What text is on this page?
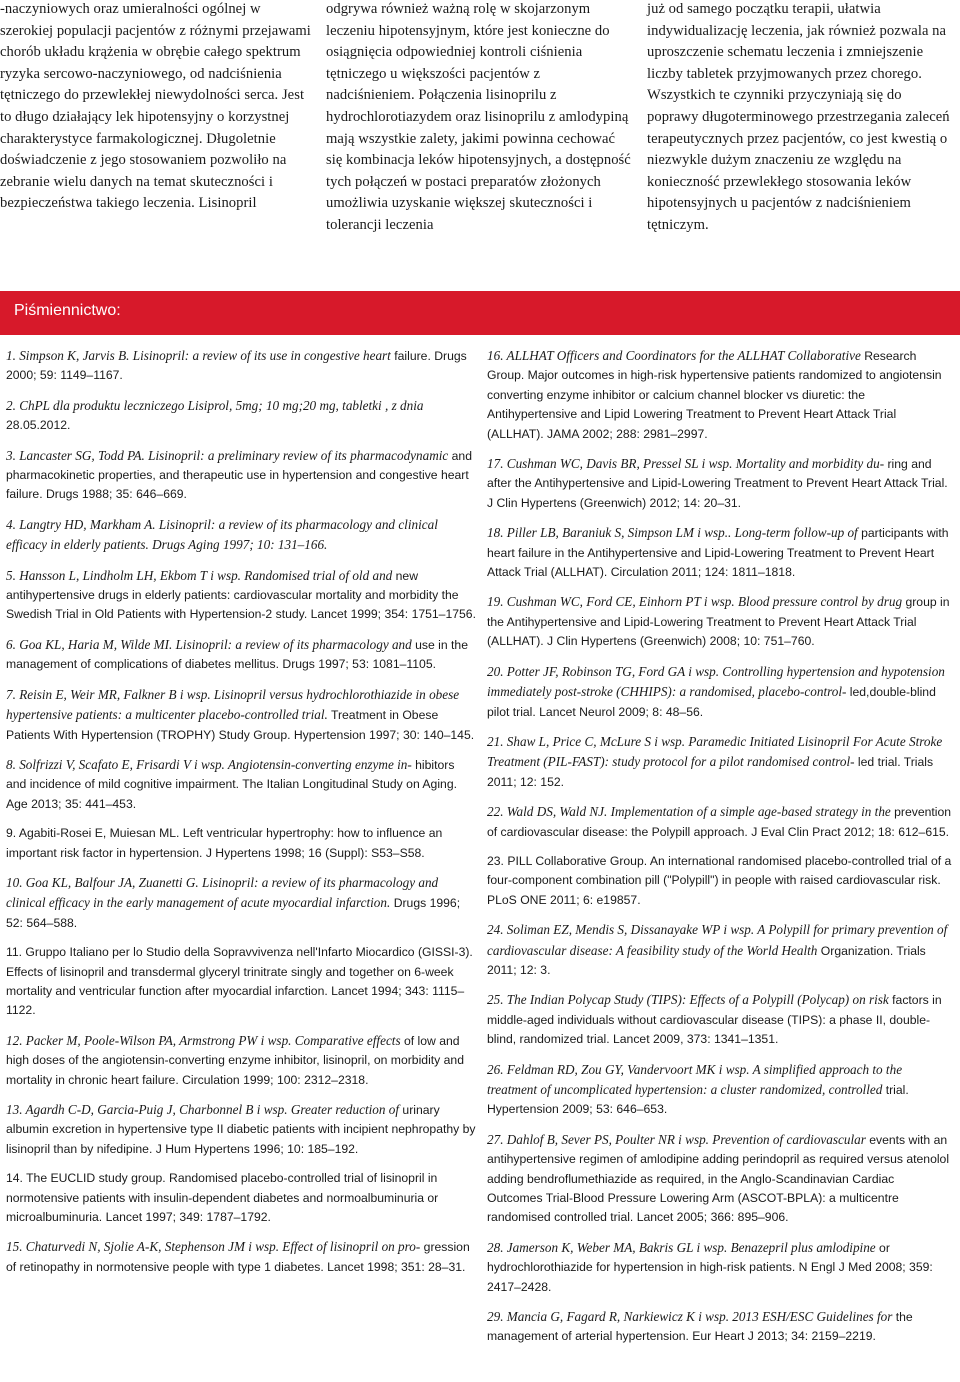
-naczyniowych oraz umieralności ogólnej w szerokiej populacji pacjentów z różnymi przejawami chorób układu krążenia w obrębie całego spektrum ryzyka sercowo-naczyniowego, od nadciśnienia tętniczego do przewlekłej niewydolności serca. Jest to długo działający lek hipotensyjny o korzystnej charakterystyce farmakologicznej. Długoletnie doświadczenie z jego stosowaniem pozwoliło na zebranie wielu danych na temat skuteczności i bezpieczeństwa takiego leczenia. Lisinopril

odgrywa również ważną rolę w skojarzonym leczeniu hipotensyjnym, które jest konieczne do osiągnięcia odpowiedniej kontroli ciśnienia tętniczego u większości pacjentów z nadciśnieniem. Połączenia lisinoprilu z hydrochlorotiazydem oraz lisinoprilu z amlodypiną mają wszystkie zalety, jakimi powinna cechować się kombinacja leków hipotensyjnych, a dostępność tych połączeń w postaci preparatów złożonych umożliwia uzyskanie większej skuteczności i tolerancji leczenia

już od samego początku terapii, ułatwia indywidualizację leczenia, jak również pozwala na uproszczenie schematu leczenia i zmniejszenie liczby tabletek przyjmowanych przez chorego. Wszystkich te czynniki przyczyniają się do poprawy długoterminowego przestrzegania zaleceń terapeutycznych przez pacjentów, co jest kwestią o niezwykle dużym znaczeniu ze względu na konieczność przewlekłego stosowania leków hipotensyjnych u pacjentów z nadciśnieniem tętniczym.

Piśmiennictwo:

1. Simpson K, Jarvis B. Lisinopril: a review of its use in congestive heart failure. Drugs 2000; 59: 1149‒1167.

2. ChPL dla produktu leczniczego Lisiprol, 5mg; 10 mg;20 mg, tabletki , z dnia 28.05.2012.

3. Lancaster SG, Todd PA. Lisinopril: a preliminary review of its pharmacodynamic and pharmacokinetic properties, and therapeutic use in hypertension and congestive heart failure. Drugs 1988; 35: 646‒669.

4. Langtry HD, Markham A. Lisinopril: a review of its pharmacology and clinical efficacy in elderly patients. Drugs Aging 1997; 10: 131‒166.

5. Hansson L, Lindholm LH, Ekbom T i wsp. Randomised trial of old and new antihypertensive drugs in elderly patients: cardiovascular mortality and morbidity the Swedish Trial in Old Patients with Hypertension-2 study. Lancet 1999; 354: 1751‒1756.

6. Goa KL, Haria M, Wilde MI. Lisinopril: a review of its pharmacology and use in the management of complications of diabetes mellitus. Drugs 1997; 53: 1081‒1105.

7. Reisin E, Weir MR, Falkner B i wsp. Lisinopril versus hydrochlorothiazide in obese hypertensive patients: a multicenter placebo-controlled trial. Treatment in Obese Patients With Hypertension (TROPHY) Study Group. Hypertension 1997; 30: 140‒145.

8. Solfrizzi V, Scafato E, Frisardi V i wsp. Angiotensin-converting enzyme in- hibitors and incidence of mild cognitive impairment. The Italian Longitudinal Study on Aging. Age 2013; 35: 441‒453.

9. Agabiti-Rosei E, Muiesan ML. Left ventricular hypertrophy: how to influence an important risk factor in hypertension. J Hypertens 1998; 16 (Suppl): S53‒S58.

10. Goa KL, Balfour JA, Zuanetti G. Lisinopril: a review of its pharmacology and clinical efficacy in the early management of acute myocardial infarction. Drugs 1996; 52: 564‒588.

11. Gruppo Italiano per lo Studio della Sopravvivenza nell'Infarto Miocardico (GISSI-3). Effects of lisinopril and transdermal glyceryl trinitrate singly and together on 6-week mortality and ventricular function after myocardial infarction. Lancet 1994; 343: 1115‒1122.

12. Packer M, Poole-Wilson PA, Armstrong PW i wsp. Comparative effects of low and high doses of the angiotensin-converting enzyme inhibitor, lisinopril, on morbidity and mortality in chronic heart failure. Circulation 1999; 100: 2312‒2318.

13. Agardh C-D, Garcia-Puig J, Charbonnel B i wsp. Greater reduction of urinary albumin excretion in hypertensive type II diabetic patients with incipient nephropathy by lisinopril than by nifedipine. J Hum Hypertens 1996; 10: 185‒192.

14. The EUCLID study group. Randomised placebo-controlled trial of lisinopril in normotensive patients with insulin-dependent diabetes and normoalbuminuria or microalbuminuria. Lancet 1997; 349: 1787‒1792.

15. Chaturvedi N, Sjolie A-K, Stephenson JM i wsp. Effect of lisinopril on pro- gression of retinopathy in normotensive people with type 1 diabetes. Lancet 1998; 351: 28‒31.

16. ALLHAT Officers and Coordinators for the ALLHAT Collaborative Research Group. Major outcomes in high-risk hypertensive patients randomized to angiotensin converting enzyme inhibitor or calcium channel blocker vs diuretic: the Antihypertensive and Lipid Lowering Treatment to Prevent Heart Attack Trial (ALLHAT). JAMA 2002; 288: 2981‒2997.

17. Cushman WC, Davis BR, Pressel SL i wsp. Mortality and morbidity du- ring and after the Antihypertensive and Lipid-Lowering Treatment to Prevent Heart Attack Trial. J Clin Hypertens (Greenwich) 2012; 14: 20‒31.

18. Piller LB, Baraniuk S, Simpson LM i wsp.. Long-term follow-up of participants with heart failure in the Antihypertensive and Lipid-Lowering Treatment to Prevent Heart Attack Trial (ALLHAT). Circulation 2011; 124: 1811‒1818.

19. Cushman WC, Ford CE, Einhorn PT i wsp. Blood pressure control by drug group in the Antihypertensive and Lipid-Lowering Treatment to Prevent Heart Attack Trial (ALLHAT). J Clin Hypertens (Greenwich) 2008; 10: 751‒760.

20. Potter JF, Robinson TG, Ford GA i wsp. Controlling hypertension and hypotension immediately post-stroke (CHHIPS): a randomised, placebo-control- led,double-blind pilot trial. Lancet Neurol 2009; 8: 48‒56.

21. Shaw L, Price C, McLure S i wsp. Paramedic Initiated Lisinopril For Acute Stroke Treatment (PIL-FAST): study protocol for a pilot randomised control- led trial. Trials 2011; 12: 152.

22. Wald DS, Wald NJ. Implementation of a simple age-based strategy in the prevention of cardiovascular disease: the Polypill approach. J Eval Clin Pract 2012; 18: 612‒615.

23. PILL Collaborative Group. An international randomised placebo-controlled trial of a four-component combination pill ("Polypill") in people with raised cardiovascular risk. PLoS ONE 2011; 6: e19857.

24. Soliman EZ, Mendis S, Dissanayake WP i wsp. A Polypill for primary prevention of cardiovascular disease: A feasibility study of the World Health Organization. Trials 2011; 12: 3.

25. The Indian Polycap Study (TIPS): Effects of a Polypill (Polycap) on risk factors in middle-aged individuals without cardiovascular disease (TIPS): a phase II, double-blind, randomized trial. Lancet 2009, 373: 1341‒1351.

26. Feldman RD, Zou GY, Vandervoort MK i wsp. A simplified approach to the treatment of uncomplicated hypertension: a cluster randomized, controlled trial. Hypertension 2009; 53: 646‒653.

27. Dahlof B, Sever PS, Poulter NR i wsp. Prevention of cardiovascular events with an antihypertensive regimen of amlodipine adding perindopril as required versus atenolol adding bendroflumethiazide as required, in the Anglo-Scandinavian Cardiac Outcomes Trial-Blood Pressure Lowering Arm (ASCOT-BPLA): a multicentre randomised controlled trial. Lancet 2005; 366: 895‒906.

28. Jamerson K, Weber MA, Bakris GL i wsp. Benazepril plus amlodipine or hydrochlorothiazide for hypertension in high-risk patients. N Engl J Med 2008; 359: 2417‒2428.

29. Mancia G, Fagard R, Narkiewicz K i wsp. 2013 ESH/ESC Guidelines for the management of arterial hypertension. Eur Heart J 2013; 34: 2159‒2219.
